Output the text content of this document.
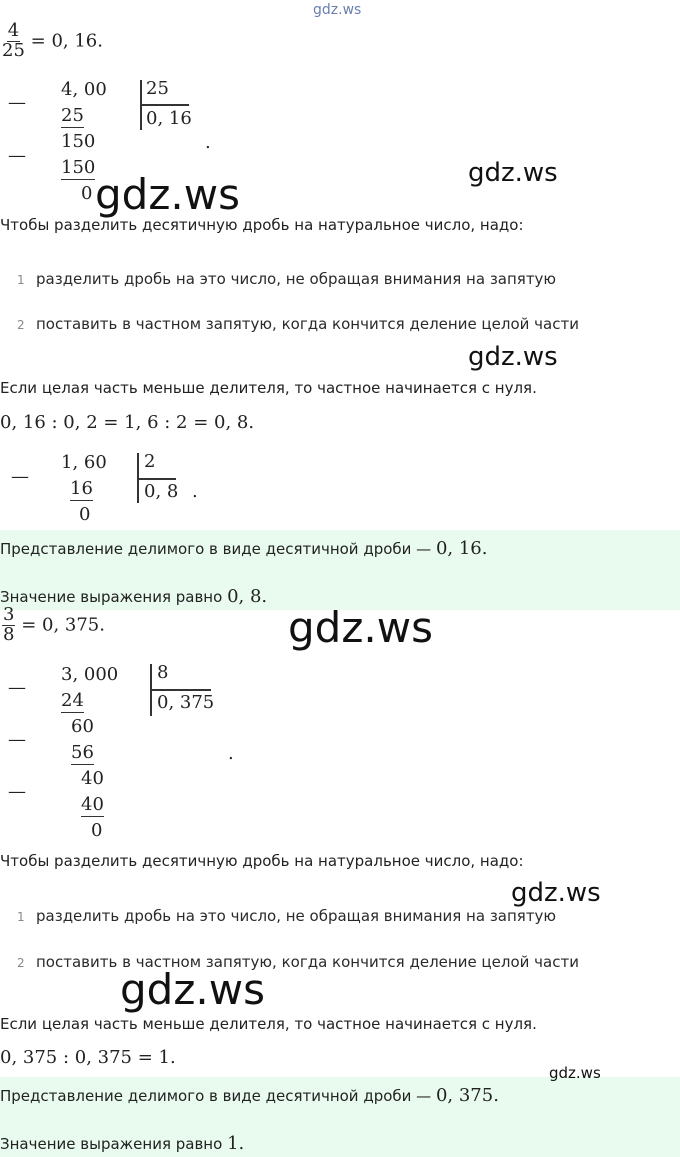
gdz.ws
gdz.ws	gdz.ws
gdz.ws
gdz.ws
gdz.ws
gdz.ws
gdz.ws
$\frac{4}{25} = 0$, 16.
—
4, 00
25
—
150
150
0
25
0, 16
.
Чтобы разделить десятичную дробь на натуральное число, надо:
1 разделить дробь на это число, не обращая внимания на запятую
2 поставить в частном запятую, когда кончится деление целой части
Если целая часть меньше делителя, то частное начинается с нуля.
0, 16 : 0, 2 = 1, 6 : 2 = 0, 8.
—
1, 60
16
0
2
0, 8 .
Представление делимого в виде десятичной дроби — 0, 16.
Значение выражения равно 0, 8.
$\frac{3}{8} = 0$, 375.
—
3, 000
24
—
60
56
—
40
40
0
8
0, 375
.
Чтобы разделить десятичную дробь на натуральное число, надо:
1 разделить дробь на это число, не обращая внимания на запятую
2 поставить в частном запятую, когда кончится деление целой части
Если целая часть меньше делителя, то частное начинается с нуля.
0, 375 : 0, 375 = 1.
Представление делимого в виде десятичной дроби — 0, 375.
Значение выражения равно 1.
